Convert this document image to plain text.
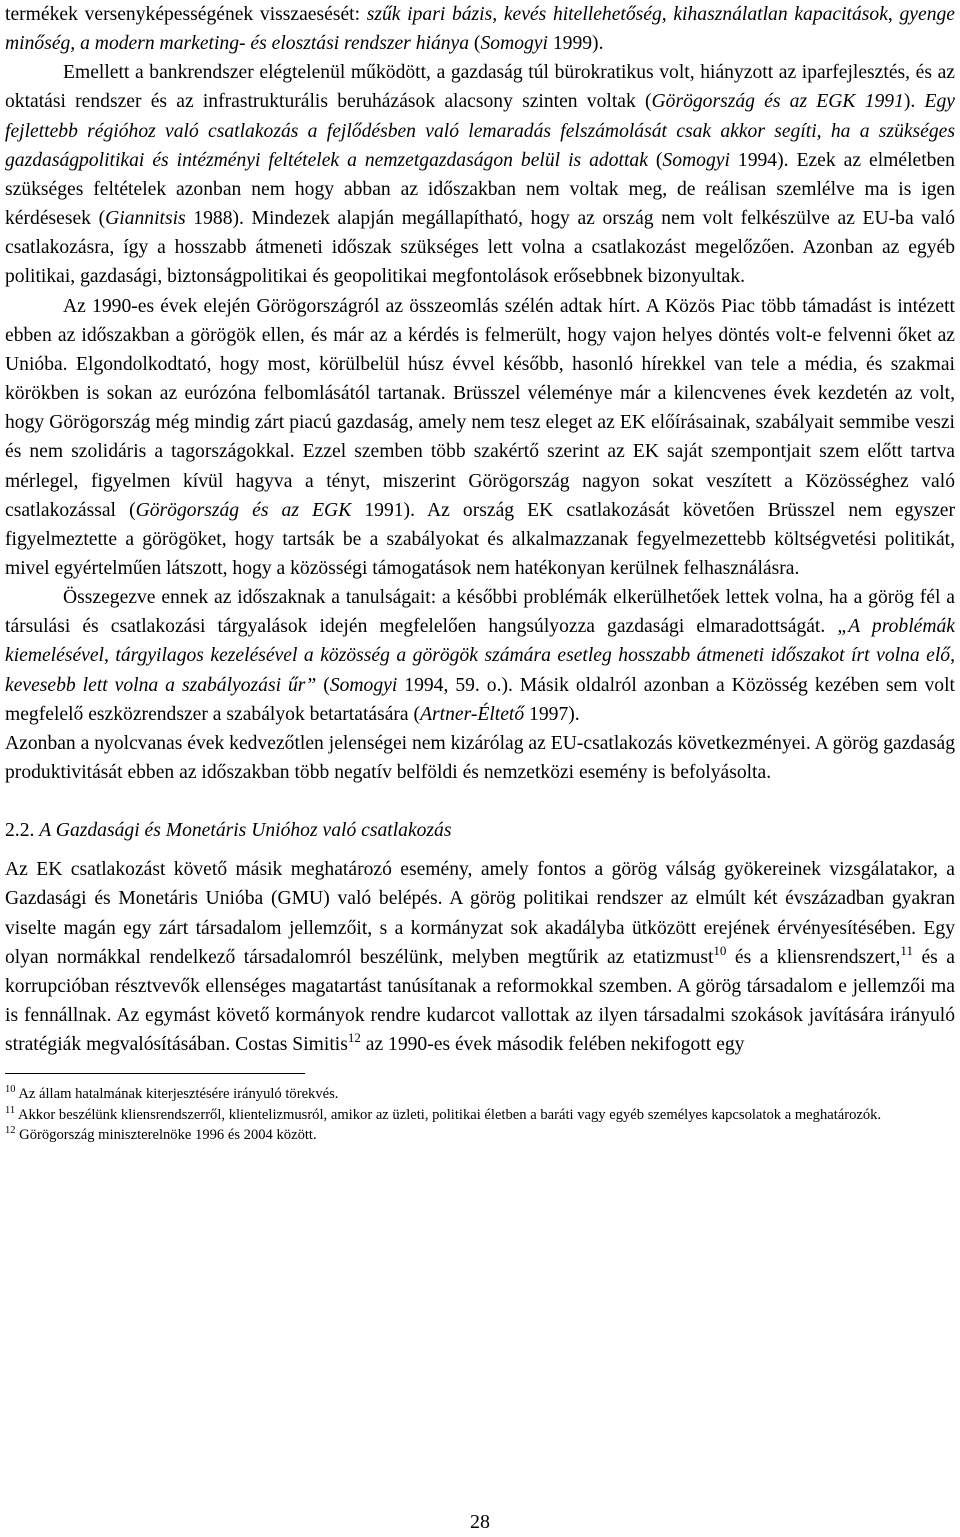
termékek versenyképességének visszaesését: szűk ipari bázis, kevés hitellehetőség, kihasználatlan kapacitások, gyenge minőség, a modern marketing- és elosztási rendszer hiánya (Somogyi 1999).

Emellett a bankrendszer elégtelenül működött, a gazdaság túl bürokratikus volt, hiányzott az iparfejlesztés, és az oktatási rendszer és az infrastrukturális beruházások alacsony szinten voltak (Görögország és az EGK 1991). Egy fejlettebb régióhoz való csatlakozás a fejlődésben való lemaradás felszámolását csak akkor segíti, ha a szükséges gazdaságpolitikai és intézményi feltételek a nemzetgazdaságon belül is adottak (Somogyi 1994). Ezek az elméletben szükséges feltételek azonban nem hogy abban az időszakban nem voltak meg, de reálisan szemlélve ma is igen kérdésesek (Giannitsis 1988). Mindezek alapján megállapítható, hogy az ország nem volt felkészülve az EU-ba való csatlakozásra, így a hosszabb átmeneti időszak szükséges lett volna a csatlakozást megelőzően. Azonban az egyéb politikai, gazdasági, biztonságpolitikai és geopolitikai megfontolások erősebbnek bizonyultak.

Az 1990-es évek elején Görögországról az összeomlás szélén adtak hírt. A Közös Piac több támadást is intézett ebben az időszakban a görögök ellen, és már az a kérdés is felmerült, hogy vajon helyes döntés volt-e felvenni őket az Unióba. Elgondolkodtató, hogy most, körülbelül húsz évvel később, hasonló hírekkel van tele a média, és szakmai körökben is sokan az eurózóna felbomlásától tartanak. Brüsszel véleménye már a kilencvenes évek kezdetén az volt, hogy Görögország még mindig zárt piacú gazdaság, amely nem tesz eleget az EK előírásainak, szabályait semmibe veszi és nem szolidáris a tagországokkal. Ezzel szemben több szakértő szerint az EK saját szempontjait szem előtt tartva mérlegel, figyelmen kívül hagyva a tényt, miszerint Görögország nagyon sokat veszített a Közösséghez való csatlakozással (Görögország és az EGK 1991). Az ország EK csatlakozását követően Brüsszel nem egyszer figyelmeztette a görögöket, hogy tartsák be a szabályokat és alkalmazzanak fegyelmezettebb költségvetési politikát, mivel egyértelműen látszott, hogy a közösségi támogatások nem hatékonyan kerülnek felhasználásra.

Összegezve ennek az időszaknak a tanulságait: a későbbi problémák elkerülhetőek lettek volna, ha a görög fél a társulási és csatlakozási tárgyalások idején megfelelően hangsúlyozza gazdasági elmaradottságát. „A problémák kiemelésével, tárgyilagos kezelésével a közösség a görögök számára esetleg hosszabb átmeneti időszakot írt volna elő, kevesebb lett volna a szabályozási űr” (Somogyi 1994, 59. o.). Másik oldalról azonban a Közösség kezében sem volt megfelelő eszközrendszer a szabályok betartatására (Artner-Éltető 1997).

Azonban a nyolcvanas évek kedvezőtlen jelenségei nem kizárólag az EU-csatlakozás következményei. A görög gazdaság produktivitását ebben az időszakban több negatív belföldi és nemzetközi esemény is befolyásolta.

2.2. A Gazdasági és Monetáris Unióhoz való csatlakozás

Az EK csatlakozást követő másik meghatározó esemény, amely fontos a görög válság gyökereinek vizsgálatakor, a Gazdasági és Monetáris Unióba (GMU) való belépés. A görög politikai rendszer az elmúlt két évszázadban gyakran viselte magán egy zárt társadalom jellemzőit, s a kormányzat sok akadályba ütközött erejének érvényesítésében. Egy olyan normákkal rendelkező társadalomról beszélünk, melyben megtűrik az etatizmust$^{10}$ és a kliensrendszert,$^{11}$ és a korrupcióban résztvevők ellenséges magatartást tanúsítanak a reformokkal szemben. A görög társadalom e jellemzői ma is fennállnak. Az egymást követő kormányok rendre kudarcot vallottak az ilyen társadalmi szokások javítására irányuló stratégiák megvalósításában. Costas Simitis$^{12}$ az 1990-es évek második felében nekifogott egy

$^{10}$ Az állam hatalmának kiterjesztésére irányuló törekvés.

$^{11}$ Akkor beszélünk kliensrendszerről, klientelizmusról, amikor az üzleti, politikai életben a baráti vagy egyéb személyes kapcsolatok a meghatározók.

$^{12}$ Görögország miniszterelnöke 1996 és 2004 között.

28
